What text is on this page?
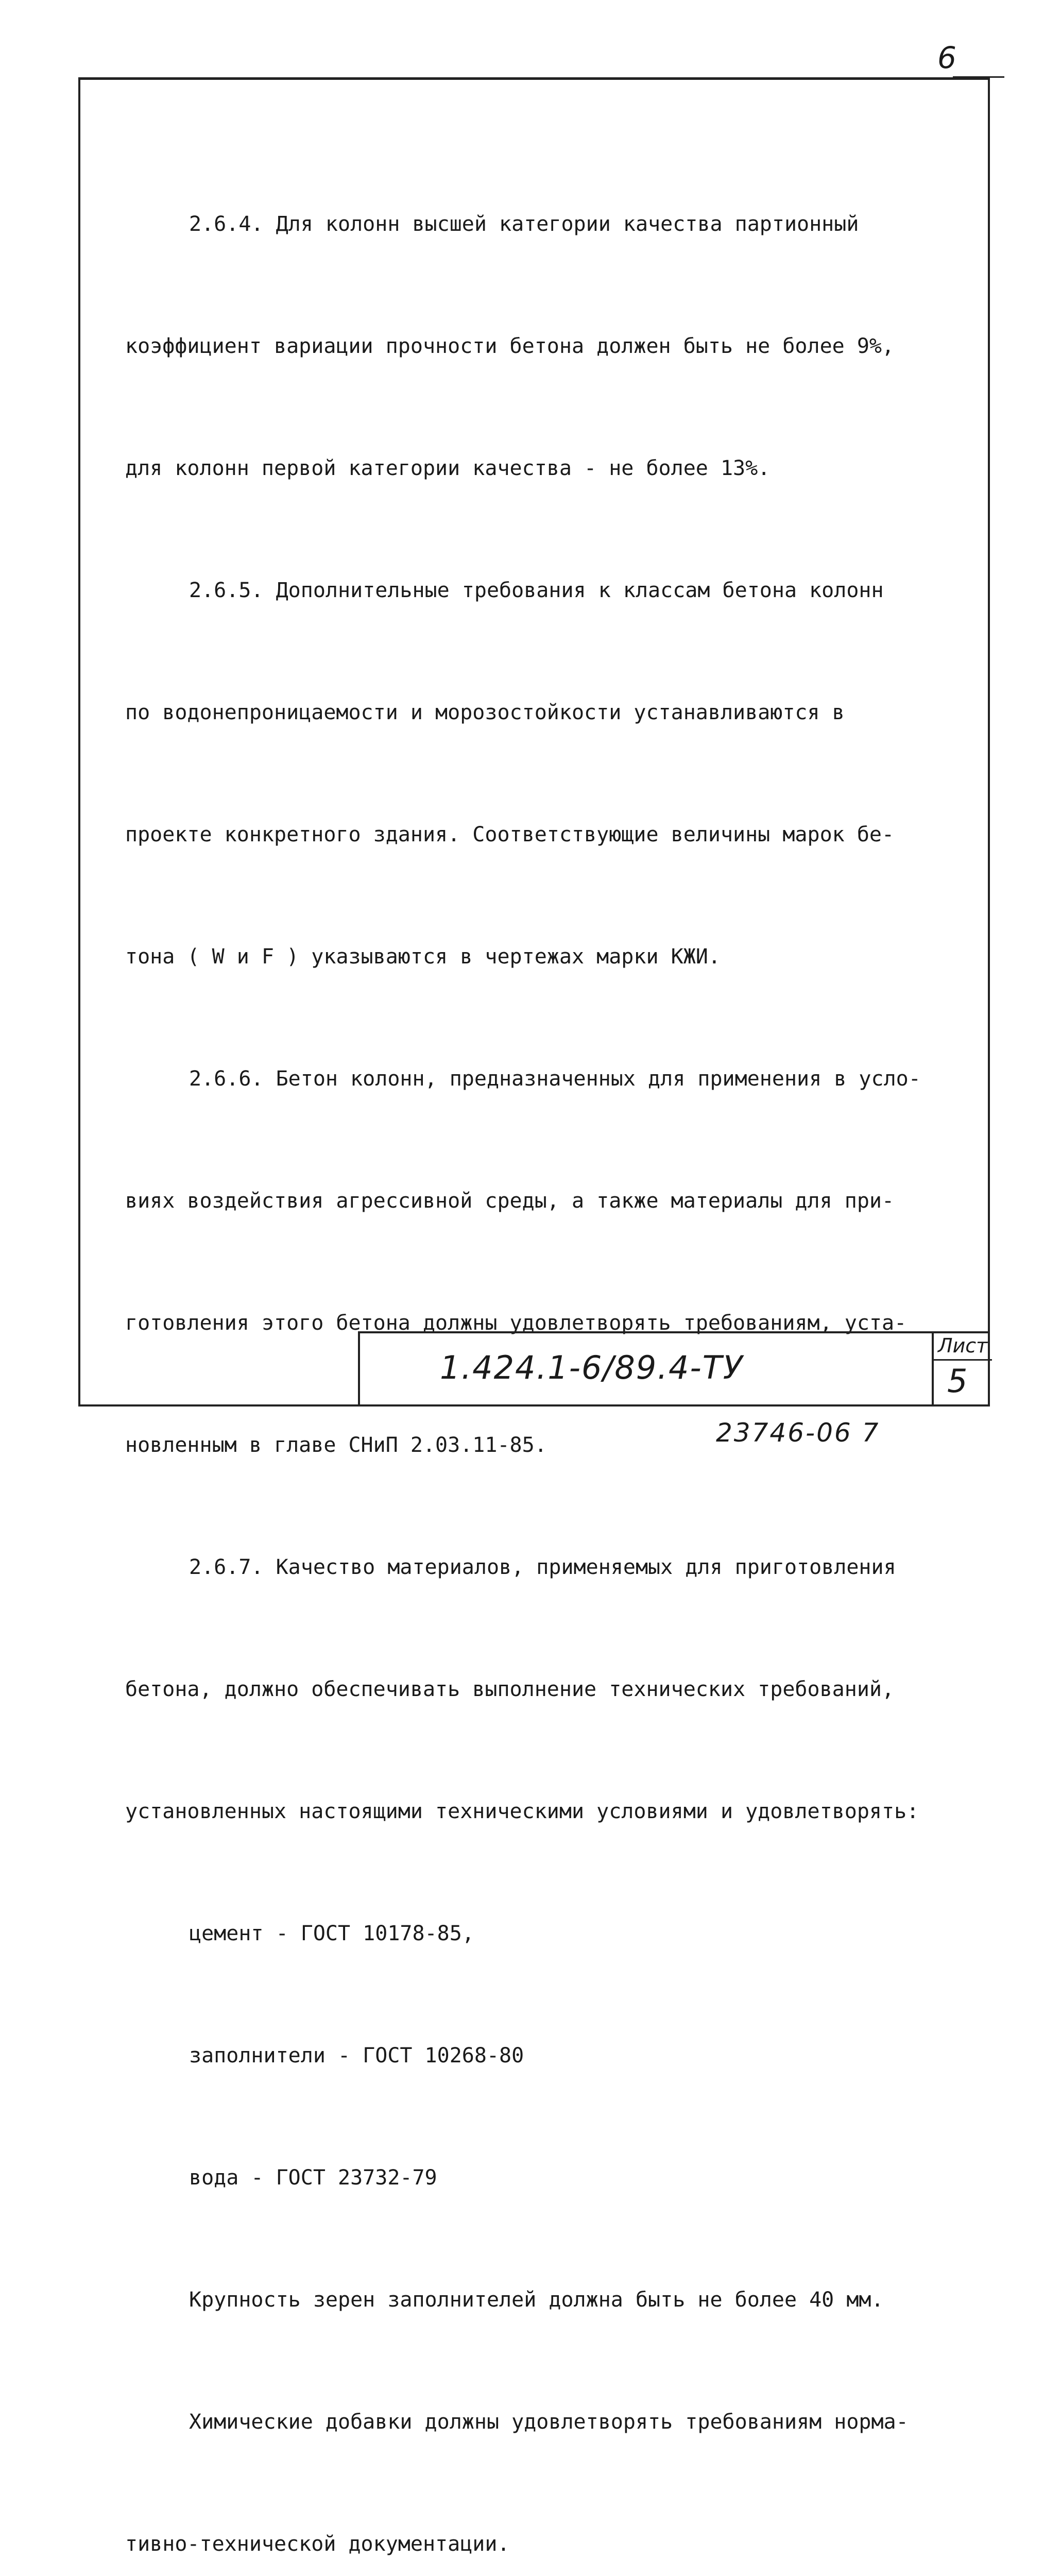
6

2.6.4. Для колонн высшей категории качества партионный

коэффициент вариации прочности бетона должен быть не более 9%,

для колонн первой категории качества - не более 13%.

2.6.5. Дополнительные требования к классам бетона колонн

по водонепроницаемости и морозостойкости устанавливаются в

проекте конкретного здания. Соответствующие величины марок бе-

тона ( W и F ) указываются в чертежах марки КЖИ.

2.6.6. Бетон колонн, предназначенных для применения в усло-

виях воздействия агрессивной среды, а также материалы для при-

готовления этого бетона должны удовлетворять требованиям, уста-

новленным в главе СНиП 2.03.11-85.

2.6.7. Качество материалов, применяемых для приготовления

бетона, должно обеспечивать выполнение технических требований,

установленных настоящими техническими условиями и удовлетворять:

цемент - ГОСТ 10178-85,

заполнители - ГОСТ 10268-80

вода - ГОСТ 23732-79

Крупность зерен заполнителей должна быть не более 40 мм.

Химические добавки должны удовлетворять требованиям норма-

тивно-технической документации.

1.424.1-6/89.4-ТУ
Лист
5
23746-06 7
